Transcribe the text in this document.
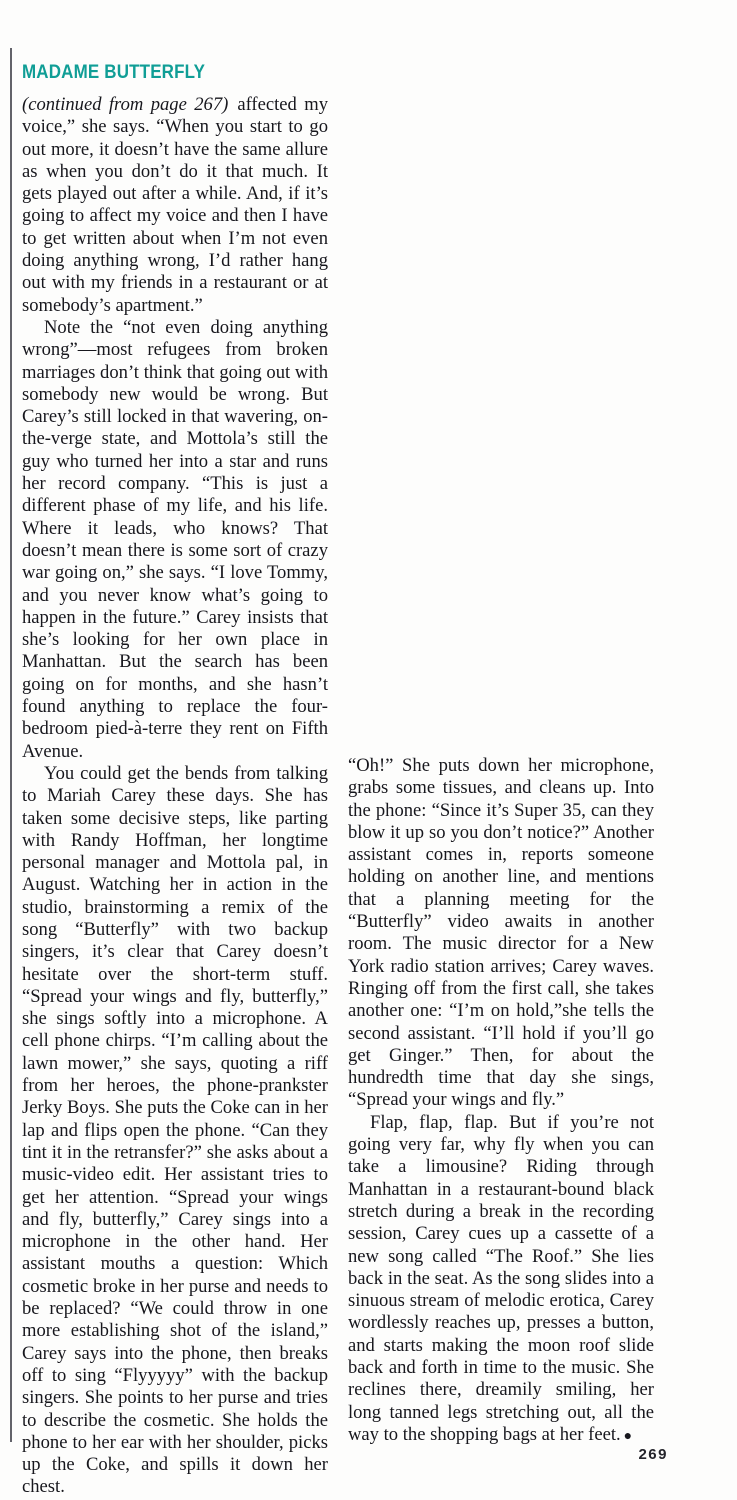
MADAME BUTTERFLY

(continued from page 267) affected my voice,” she says. “When you start to go out more, it doesn’t have the same allure as when you don’t do it that much. It gets played out after a while. And, if it’s going to affect my voice and then I have to get written about when I’m not even doing anything wrong, I’d rather hang out with my friends in a restaurant or at somebody’s apartment.”

Note the “not even doing anything wrong”—most refugees from broken marriages don’t think that going out with somebody new would be wrong. But Carey’s still locked in that wavering, on-the-verge state, and Mottola’s still the guy who turned her into a star and runs her record company. “This is just a different phase of my life, and his life. Where it leads, who knows? That doesn’t mean there is some sort of crazy war going on,” she says. “I love Tommy, and you never know what’s going to happen in the future.” Carey insists that she’s looking for her own place in Manhattan. But the search has been going on for months, and she hasn’t found anything to replace the four-bedroom pied-à-terre they rent on Fifth Avenue.

You could get the bends from talking to Mariah Carey these days. She has taken some decisive steps, like parting with Randy Hoffman, her longtime personal manager and Mottola pal, in August. Watching her in action in the studio, brainstorming a remix of the song “Butterfly” with two backup singers, it’s clear that Carey doesn’t hesitate over the short-term stuff. “Spread your wings and fly, butterfly,” she sings softly into a microphone. A cell phone chirps. “I’m calling about the lawn mower,” she says, quoting a riff from her heroes, the phone-prankster Jerky Boys. She puts the Coke can in her lap and flips open the phone. “Can they tint it in the retransfer?” she asks about a music-video edit. Her assistant tries to get her attention. “Spread your wings and fly, butterfly,” Carey sings into a microphone in the other hand. Her assistant mouths a question: Which cosmetic broke in her purse and needs to be replaced? “We could throw in one more establishing shot of the island,” Carey says into the phone, then breaks off to sing “Flyyyyy” with the backup singers. She points to her purse and tries to describe the cosmetic. She holds the phone to her ear with her shoulder, picks up the Coke, and spills it down her chest.

“Oh!” She puts down her microphone, grabs some tissues, and cleans up. Into the phone: “Since it’s Super 35, can they blow it up so you don’t notice?” Another assistant comes in, reports someone holding on another line, and mentions that a planning meeting for the “Butterfly” video awaits in another room. The music director for a New York radio station arrives; Carey waves. Ringing off from the first call, she takes another one: “I’m on hold,”she tells the second assistant. “I’ll hold if you’ll go get Ginger.” Then, for about the hundredth time that day she sings, “Spread your wings and fly.”

Flap, flap, flap. But if you’re not going very far, why fly when you can take a limousine? Riding through Manhattan in a restaurant-bound black stretch during a break in the recording session, Carey cues up a cassette of a new song called “The Roof.” She lies back in the seat. As the song slides into a sinuous stream of melodic erotica, Carey wordlessly reaches up, presses a button, and starts making the moon roof slide back and forth in time to the music. She reclines there, dreamily smiling, her long tanned legs stretching out, all the way to the shopping bags at her feet. ●

269
